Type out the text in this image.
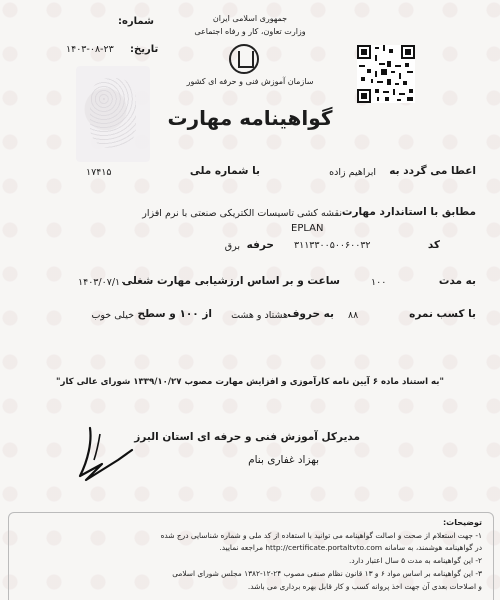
جمهوری اسلامی ایران
وزارت تعاون، کار و رفاه اجتماعی
سازمان آموزش فنی و حرفه ای کشور
شماره:
تاریخ:
۱۴۰۳-۰۸-۲۳
گواهینامه مهارت
اعطا می گردد به
ابراهیم زاده
با شماره ملی
۱۷۴۱۵
مطابق با استاندارد مهارت
نقشه کشی تاسیسات الکتریکی صنعتی با نرم افزار
EPLAN
کد
۳۱۱۳۳۰۰۵۰۰۶۰۰۳۲
حرفه
برق
به مدت
۱۰۰
ساعت و بر اساس ارزشیابی مهارت شغلی
۱۴۰۳/۰۷/۱۰
با کسب نمره
۸۸
به حروف
هشتاد و هشت
از ۱۰۰ و سطح
خیلی خوب
"به استناد ماده ۶ آیین نامه کارآموزی و افزایش مهارت مصوب ۱۳۳۹/۱۰/۲۷ شورای عالی کار"
مدیرکل آموزش فنی و حرفه ای استان البرز
بهزاد غفاری بنام
توضیحات:
۱- جهت استعلام از صحت و اصالت گواهینامه می توانید با استفاده از کد ملی و شماره شناسایی درج شده
در گواهینامه هوشمند، به سامانه http://certificate.portaltvto.com مراجعه نمایید.
۲- این گواهینامه به مدت ۵ سال اعتبار دارد.
۳- این گواهینامه بر اساس مواد ۶ و ۱۳ قانون نظام صنفی مصوب ۲۴-۱۲-۱۳۸۲ مجلس شورای اسلامی
و اصلاحات بعدی آن جهت اخذ پروانه کسب و کار قابل بهره برداری می باشد.
